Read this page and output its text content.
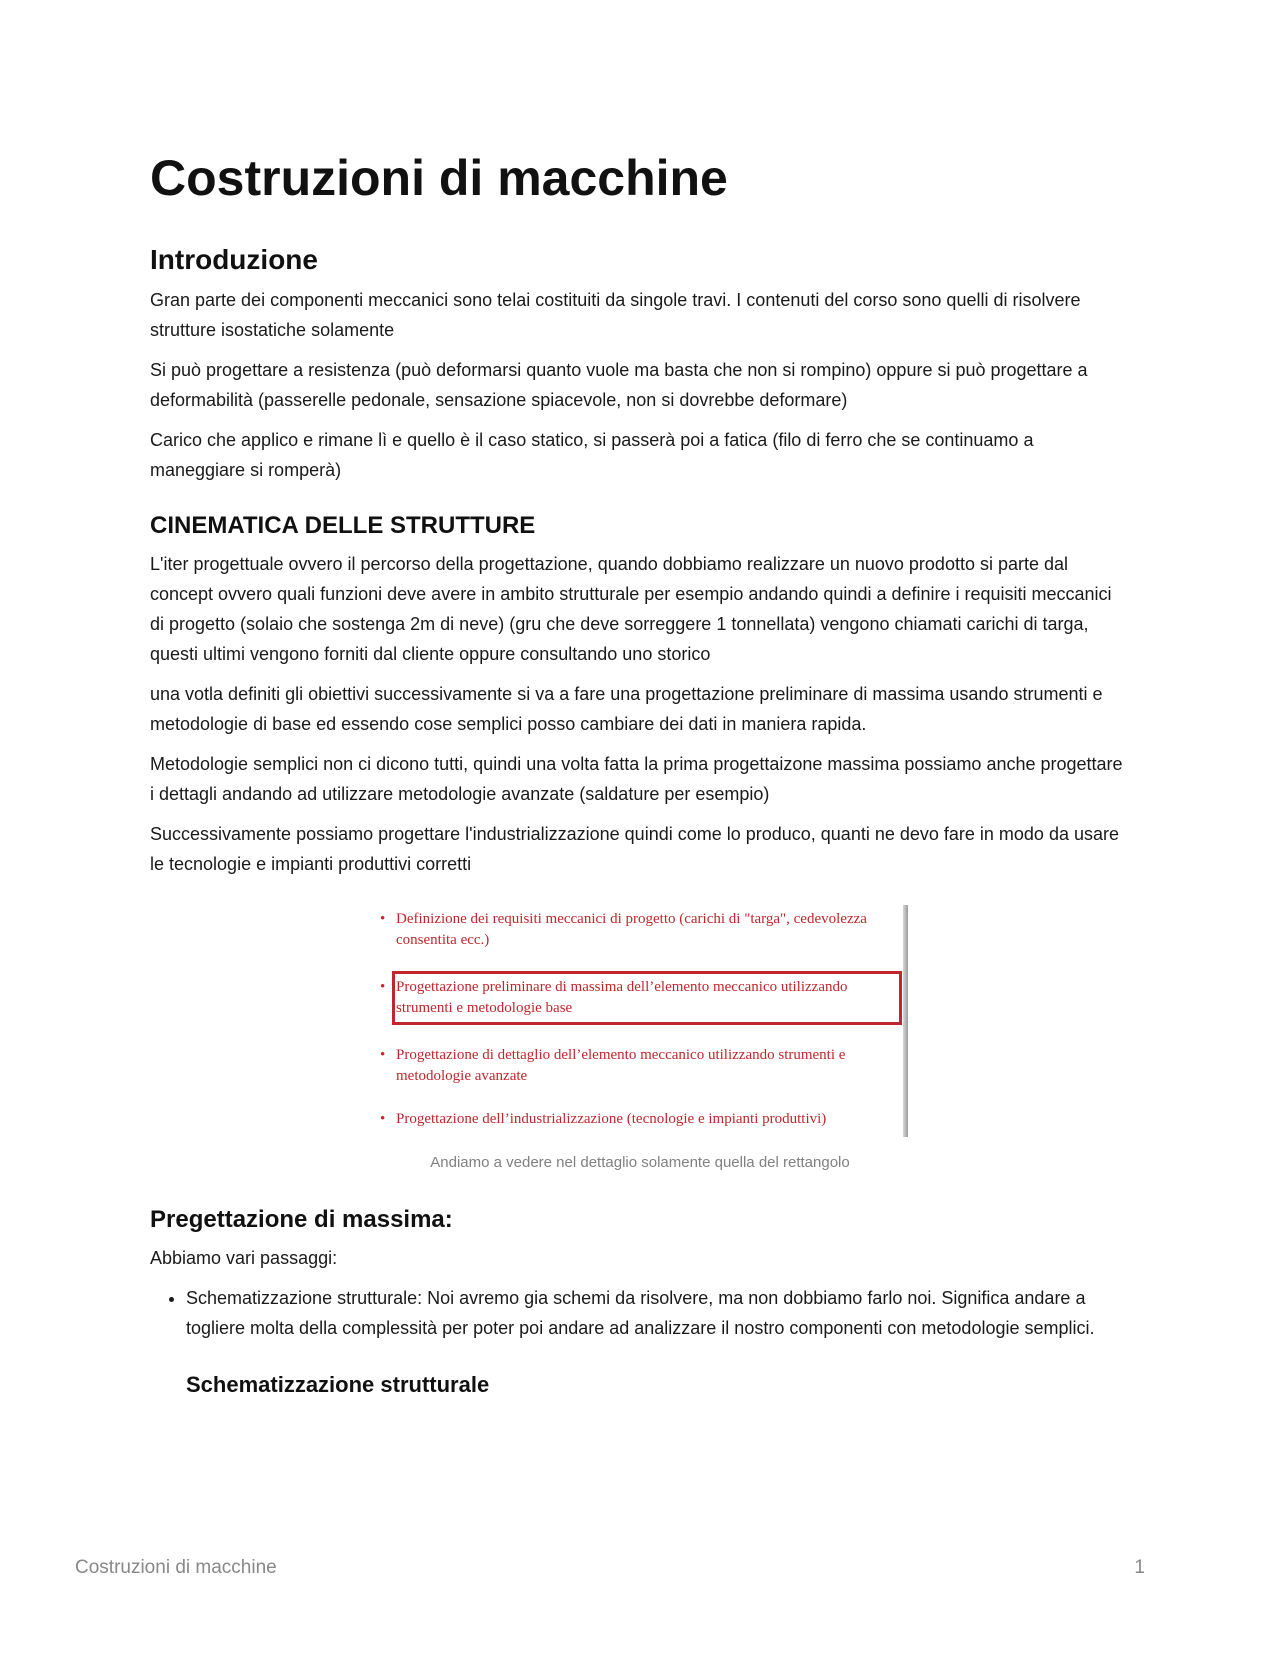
Costruzioni di macchine
Introduzione

Gran parte dei componenti meccanici sono telai costituiti da singole travi. I contenuti del corso sono quelli di risolvere strutture isostatiche solamente

Si può progettare a resistenza (può deformarsi quanto vuole ma basta che non si rompino) oppure si può progettare a deformabilità (passerelle pedonale, sensazione spiacevole, non si dovrebbe deformare)

Carico che applico e rimane lì e quello è il caso statico, si passerà poi a fatica (filo di ferro che se continuamo a maneggiare si romperà)

CINEMATICA DELLE STRUTTURE

L'iter progettuale ovvero il percorso della progettazione, quando dobbiamo realizzare un nuovo prodotto si parte dal concept ovvero quali funzioni deve avere in ambito strutturale per esempio andando quindi a definire i requisiti meccanici di progetto (solaio che sostenga 2m di neve) (gru che deve sorreggere 1 tonnellata) vengono chiamati carichi di targa, questi ultimi vengono forniti dal cliente oppure consultando uno storico

una votla definiti gli obiettivi successivamente si va a fare una progettazione preliminare di massima usando strumenti e metodologie di base ed essendo cose semplici posso cambiare dei dati in maniera rapida.

Metodologie semplici non ci dicono tutti, quindi una volta fatta la prima progettaizone massima possiamo anche progettare i dettagli andando ad utilizzare metodologie avanzate (saldature per esempio)

Successivamente possiamo progettare l'industrializzazione quindi come lo produco, quanti ne devo fare in modo da usare le tecnologie e impianti produttivi corretti

• Definizione dei requisiti meccanici di progetto (carichi di "targa", cedevolezza consentita ecc.)
• Progettazione preliminare di massima dell’elemento meccanico utilizzando strumenti e metodologie base
• Progettazione di dettaglio dell’elemento meccanico utilizzando strumenti e metodologie avanzate
• Progettazione dell’industrializzazione (tecnologie e impianti produttivi)
Andiamo a vedere nel dettaglio solamente quella del rettangolo
Pregettazione di massima:

Abbiamo vari passaggi:

• Schematizzazione strutturale: Noi avremo gia schemi da risolvere, ma non dobbiamo farlo noi. Significa andare a togliere molta della complessità per poter poi andare ad analizzare il nostro componenti con metodologie semplici.
Schematizzazione strutturale
Costruzioni di macchine	1
